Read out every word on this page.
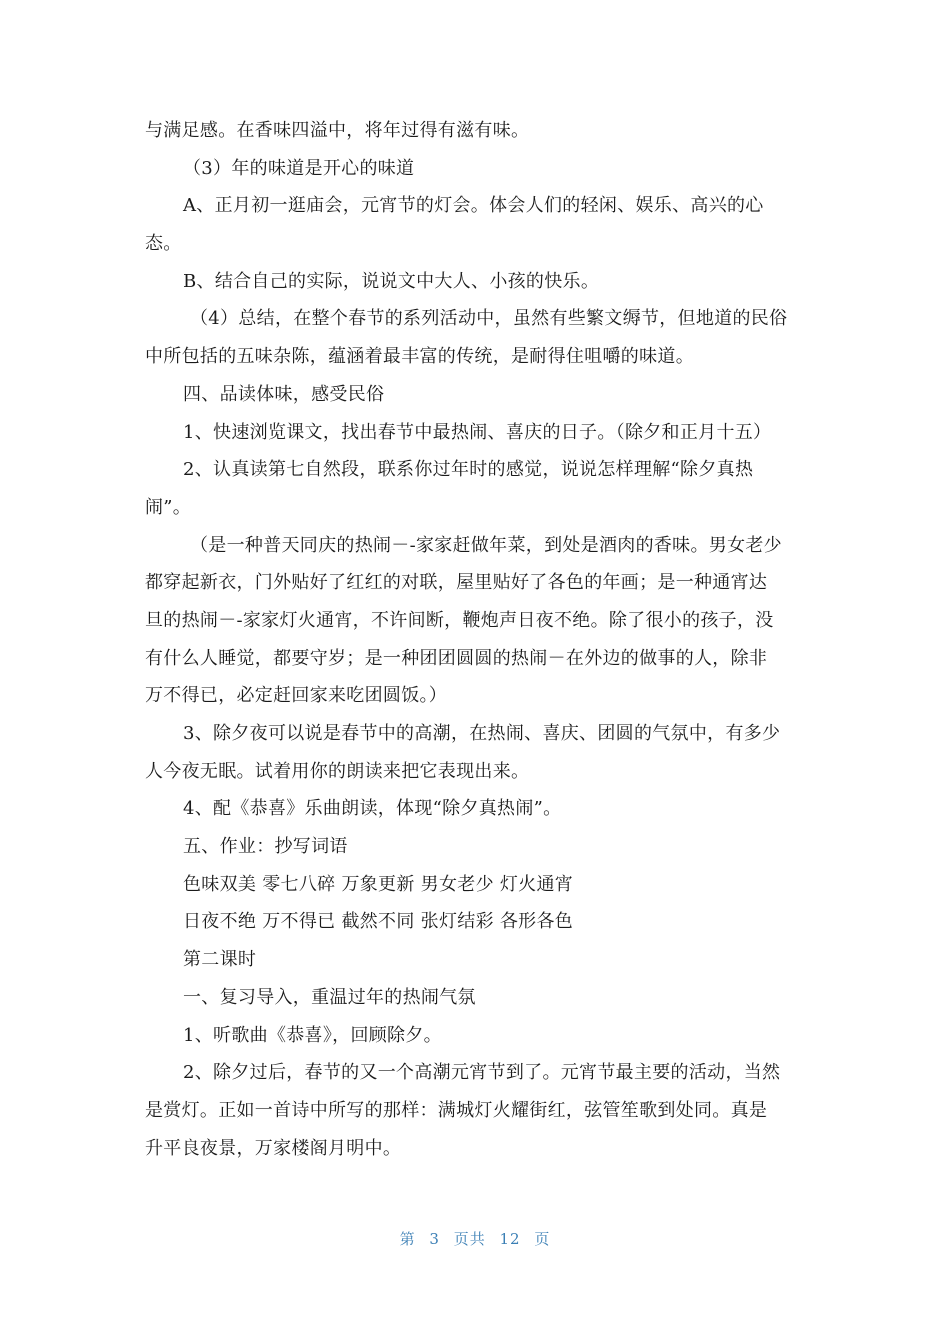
与满足感。在香味四溢中，将年过得有滋有味。
（3）年的味道是开心的味道
A、正月初一逛庙会，元宵节的灯会。体会人们的轻闲、娱乐、高兴的心
态。
B、结合自己的实际，说说文中大人、小孩的快乐。
（4）总结，在整个春节的系列活动中，虽然有些繁文缛节，但地道的民俗
中所包括的五味杂陈，蕴涵着最丰富的传统，是耐得住咀嚼的味道。
四、品读体味，感受民俗
1、快速浏览课文，找出春节中最热闹、喜庆的日子。（除夕和正月十五）
2、认真读第七自然段，联系你过年时的感觉，说说怎样理解“除夕真热
闹”。
（是一种普天同庆的热闹－-家家赶做年菜，到处是酒肉的香味。男女老少
都穿起新衣，门外贴好了红红的对联，屋里贴好了各色的年画；是一种通宵达
旦的热闹－-家家灯火通宵，不许间断，鞭炮声日夜不绝。除了很小的孩子，没
有什么人睡觉，都要守岁；是一种团团圆圆的热闹－在外边的做事的人，除非
万不得已，必定赶回家来吃团圆饭。）
3、除夕夜可以说是春节中的高潮，在热闹、喜庆、团圆的气氛中，有多少
人今夜无眠。试着用你的朗读来把它表现出来。
4、配《恭喜》乐曲朗读，体现“除夕真热闹”。
五、作业：抄写词语
色味双美 零七八碎 万象更新 男女老少 灯火通宵
日夜不绝 万不得已 截然不同 张灯结彩 各形各色
第二课时
一、复习导入，重温过年的热闹气氛
1、听歌曲《恭喜》，回顾除夕。
2、除夕过后，春节的又一个高潮元宵节到了。元宵节最主要的活动，当然
是赏灯。正如一首诗中所写的那样：满城灯火耀街红，弦管笙歌到处同。真是
升平良夜景，万家楼阁月明中。
第 3 页共 12 页
